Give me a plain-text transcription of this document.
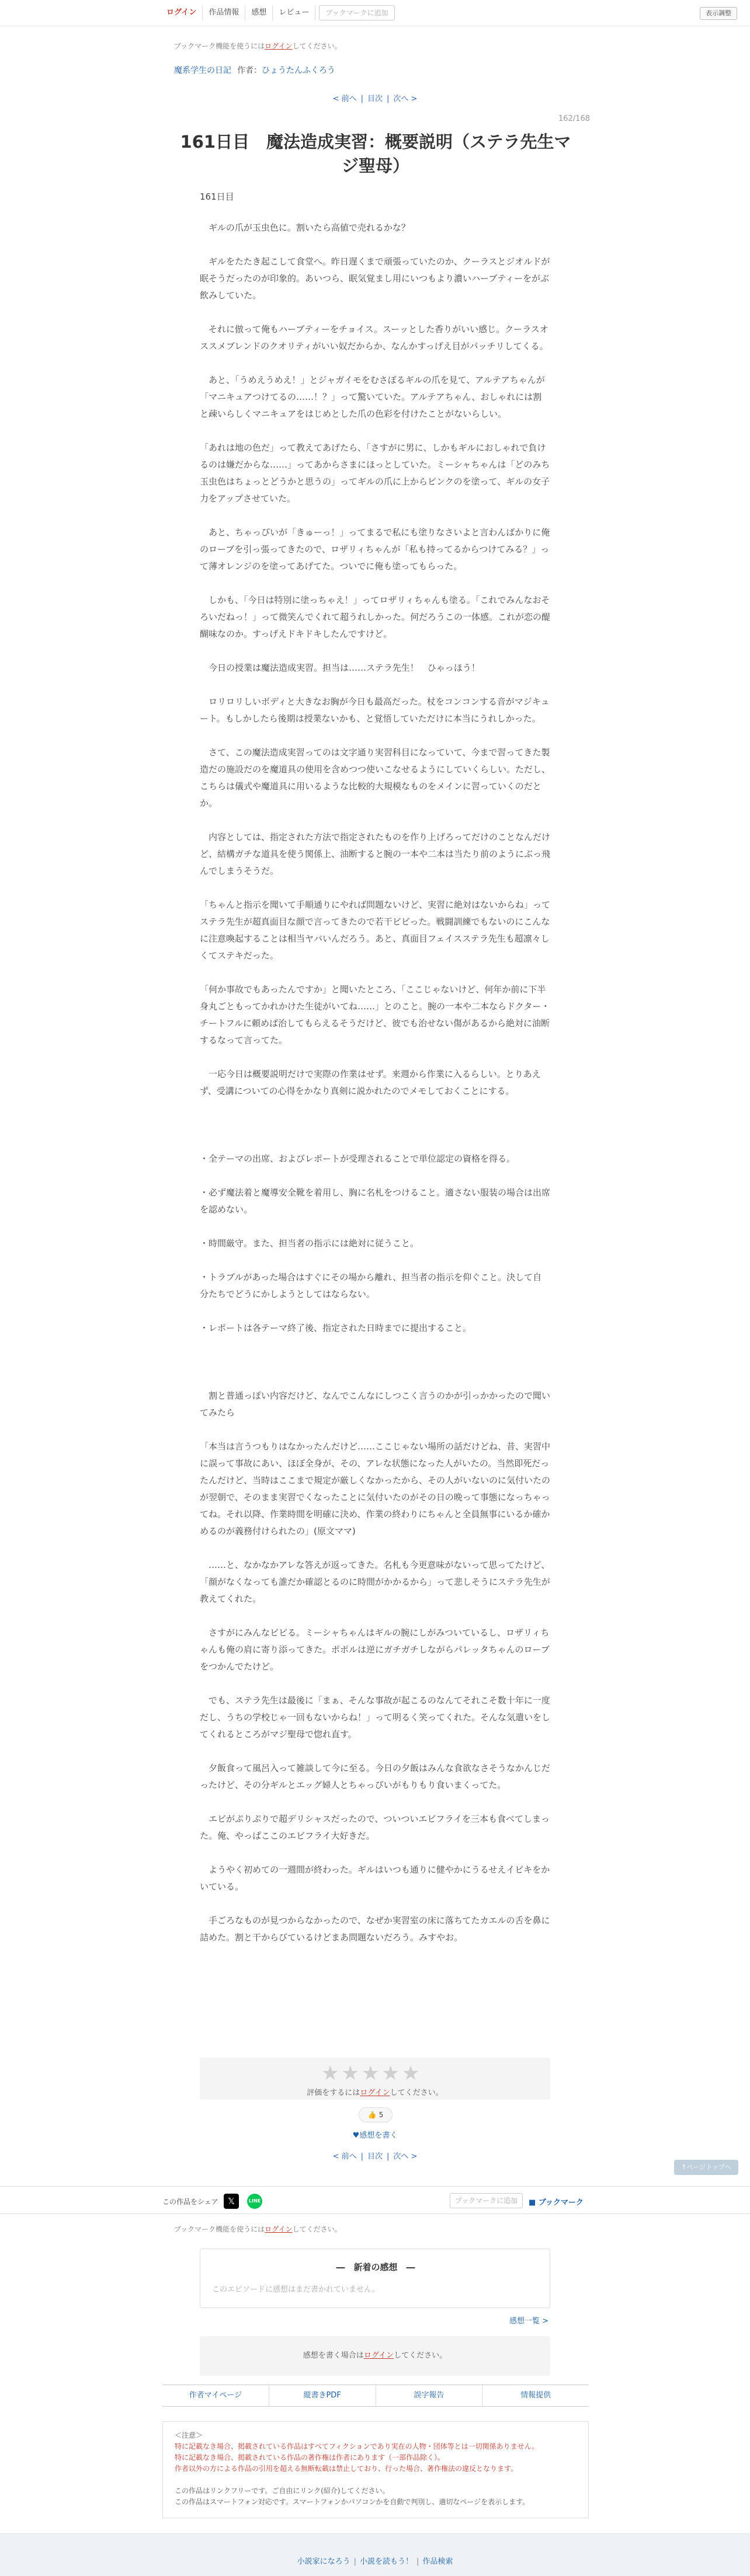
ログイン	作品情報	感想	レビュー	ブックマークに追加	表示調整
ブックマーク機能を使うにはログインしてください。
魔系学生の日記 作者：ひょうたんふくろう
< 前へ | 目次 | 次へ >
162/168
161日目　魔法造成実習：概要説明（ステラ先生マジ聖母）
161日目

　ギルの爪が玉虫色に。割いたら高値で売れるかな？

　ギルをたたき起こして食堂へ。昨日遅くまで頑張っていたのか、クーラスとジオルドが眠そうだったのが印象的。あいつら、眠気覚まし用にいつもより濃いハーブティーをがぶ飲みしていた。

　それに倣って俺もハーブティーをチョイス。スーッとした香りがいい感じ。クーラスオススメブレンドのクオリティがいい奴だからか、なんかすっげえ目がパッチリしてくる。

　あと、「うめえうめえ！」とジャガイモをむさぼるギルの爪を見て、アルテアちゃんが「マニキュアつけてるの……！？」って驚いていた。アルテアちゃん、おしゃれには割と疎いらしくマニキュアをはじめとした爪の色彩を付けたことがないらしい。

「あれは地の色だ」って教えてあげたら、「さすがに男に、しかもギルにおしゃれで負けるのは嫌だからな……」ってあからさまにほっとしていた。ミーシャちゃんは「どのみち玉虫色はちょっとどうかと思うの」ってギルの爪に上からピンクのを塗って、ギルの女子力をアップさせていた。

　あと、ちゃっぴいが「きゅーっ！」ってまるで私にも塗りなさいよと言わんばかりに俺のローブを引っ張ってきたので、ロザリィちゃんが「私も持ってるからつけてみる？」って薄オレンジのを塗ってあげてた。ついでに俺も塗ってもらった。

　しかも、「今日は特別に塗っちゃえ！」ってロザリィちゃんも塗る。「これでみんなおそろいだねっ！」って微笑んでくれて超うれしかった。何だろうこの一体感。これが恋の醍醐味なのか。すっげえドキドキしたんですけど。

　今日の授業は魔法造成実習。担当は……ステラ先生！　ひゃっほう！

　ロリロリしいボディと大きなお胸が今日も最高だった。杖をコンコンする音がマジキュート。もしかしたら後期は授業ないかも、と覚悟していただけに本当にうれしかった。

　さて、この魔法造成実習ってのは文字通り実習科目になっていて、今まで習ってきた製造だの施設だのを魔道具の使用を含めつつ使いこなせるようにしていくらしい。ただし、こちらは儀式や魔道具に用いるような比較的大規模なものをメインに習っていくのだとか。

　内容としては、指定された方法で指定されたものを作り上げろってだけのことなんだけど、結構ガチな道具を使う関係上、油断すると腕の一本や二本は当たり前のようにぶっ飛んでしまうそうだ。

「ちゃんと指示を聞いて手順通りにやれば問題ないけど、実習に絶対はないからね」ってステラ先生が超真面目な顔で言ってきたので若干ビビった。戦闘訓練でもないのにこんなに注意喚起することは相当ヤバいんだろう。あと、真面目フェイスステラ先生も超凛々しくてステキだった。

「何か事故でもあったんですか」と聞いたところ、「ここじゃないけど、何年か前に下半身丸ごともってかれかけた生徒がいてね……」とのこと。腕の一本や二本ならドクター・チートフルに頼めば治してもらえるそうだけど、彼でも治せない傷があるから絶対に油断するなって言ってた。

　一応今日は概要説明だけで実際の作業はせず。来週から作業に入るらしい。とりあえず、受講についての心得をかなり真剣に説かれたのでメモしておくことにする。

・全テーマの出席、およびレポートが受理されることで単位認定の資格を得る。

・必ず魔法着と魔導安全靴を着用し、胸に名札をつけること。適さない服装の場合は出席を認めない。

・時間厳守。また、担当者の指示には絶対に従うこと。

・トラブルがあった場合はすぐにその場から離れ、担当者の指示を仰ぐこと。決して自分たちでどうにかしようとしてはならない。

・レポートは各テーマ終了後、指定された日時までに提出すること。

　割と普通っぽい内容だけど、なんでこんなにしつこく言うのかが引っかかったので聞いてみたら

「本当は言うつもりはなかったんだけど……ここじゃない場所の話だけどね、昔、実習中に誤って事故にあい、ほぼ全身が、その、アレな状態になった人がいたの。当然即死だったんだけど、当時はここまで規定が厳しくなかったから、その人がいないのに気付いたのが翌朝で、そのまま実習でくなったことに気付いたのがその日の晩って事態になっちゃってね。それ以降、作業時間を明確に決め、作業の終わりにちゃんと全員無事にいるか確かめるのが義務付けられたの」(原文ママ)

　……と、なかなかアレな答えが返ってきた。名札も今更意味がないって思ってたけど、「顔がなくなっても誰だか確認とるのに時間がかかるから」って悲しそうにステラ先生が教えてくれた。

　さすがにみんなビビる。ミーシャちゃんはギルの腕にしがみついているし、ロザリィちゃんも俺の肩に寄り添ってきた。ポポルは逆にガチガチしながらパレッタちゃんのローブをつかんでたけど。

　でも、ステラ先生は最後に「まぁ、そんな事故が起こるのなんてそれこそ数十年に一度だし、うちの学校じゃ一回もないからね！」って明るく笑ってくれた。そんな気遣いをしてくれるところがマジ聖母で惚れ直す。

　夕飯食って風呂入って雑談して今に至る。今日の夕飯はみんな食欲なさそうなかんじだったけど、その分ギルとエッグ婦人とちゃっぴいがもりもり食いまくってた。

　エビがぷりぷりで超デリシャスだったので、ついついエビフライを三本も食べてしまった。俺、やっぱここのエビフライ大好きだ。

　ようやく初めての一週間が終わった。ギルはいつも通りに健やかにうるせえイビキをかいている。

　手ごろなものが見つからなかったので、なぜか実習室の床に落ちてたカエルの舌を鼻に詰めた。割と干からびているけどまあ問題ないだろう。みすやお。

★★★★★
評価をするにはログインしてください。
👍 5
♥感想を書く
< 前へ | 目次 | 次へ >
↑ページトップへ
この作品をシェア	𝕏	LINE	ブックマークに追加	■ ブックマーク
ブックマーク機能を使うにはログインしてください。
―　新着の感想　―
このエピソードに感想はまだ書かれていません。
感想一覧 >
感想を書く場合はログインしてください。
作者マイページ	縦書きPDF	誤字報告	情報提供
＜注意＞
特に記載なき場合、掲載されている作品はすべてフィクションであり実在の人物・団体等とは一切関係ありません。
特に記載なき場合、掲載されている作品の著作権は作者にあります（一部作品除く）。
作者以外の方による作品の引用を超える無断転載は禁止しており、行った場合、著作権法の違反となります。
この作品はリンクフリーです。ご自由にリンク(紹介)してください。
この作品はスマートフォン対応です。スマートフォンかパソコンかを自動で判別し、適切なページを表示します。
小説家になろう | 小説を読もう！ | 作品検索
